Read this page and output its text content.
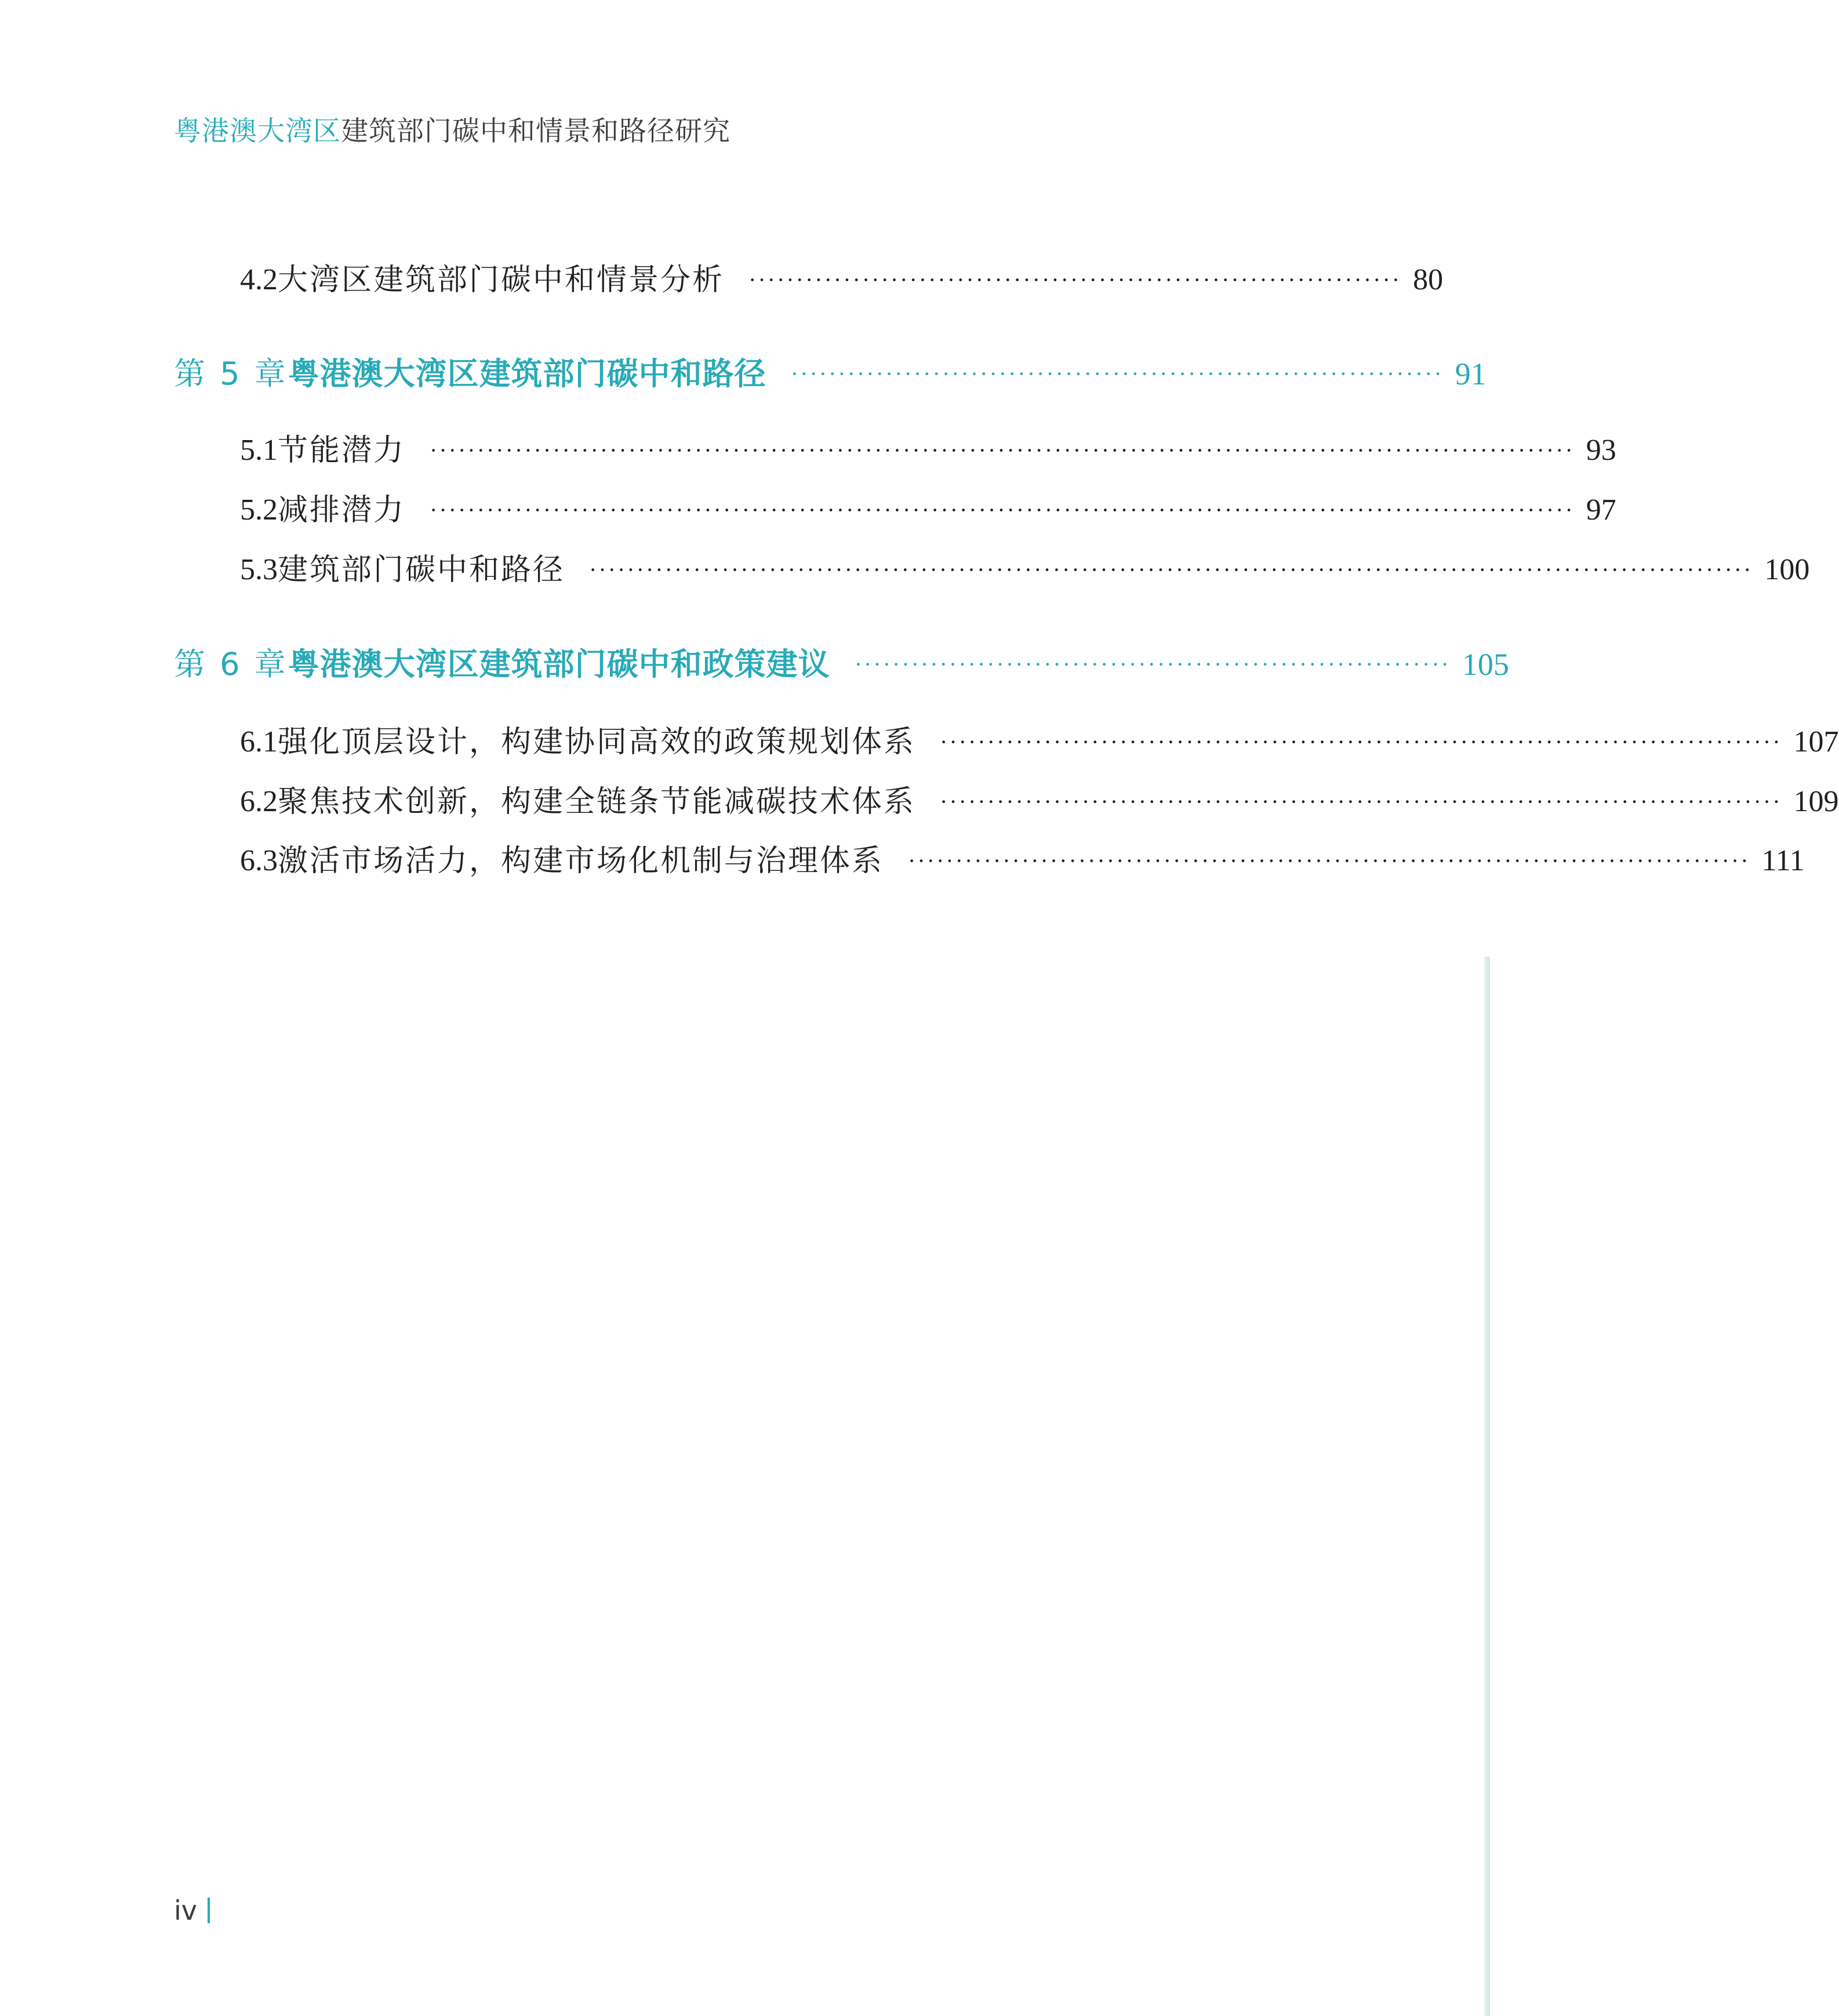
粤港澳大湾区建筑部门碳中和情景和路径研究
4.2 大湾区建筑部门碳中和情景分析 ····································································· 80
第 5 章 粤港澳大湾区建筑部门碳中和路径 ····································································· 91
5.1 节能潜力 ························································································································· 93
5.2 减排潜力 ························································································································· 97
5.3 建筑部门碳中和路径 ··························································································································· 100
第 6 章 粤港澳大湾区建筑部门碳中和政策建议 ······························································· 105
6.1 强化顶层设计，构建协同高效的政策规划体系 ························································································· 107
6.2 聚焦技术创新，构建全链条节能减碳技术体系 ························································································· 109
6.3 激活市场活力，构建市场化机制与治理体系 ························································································· 111
iv
